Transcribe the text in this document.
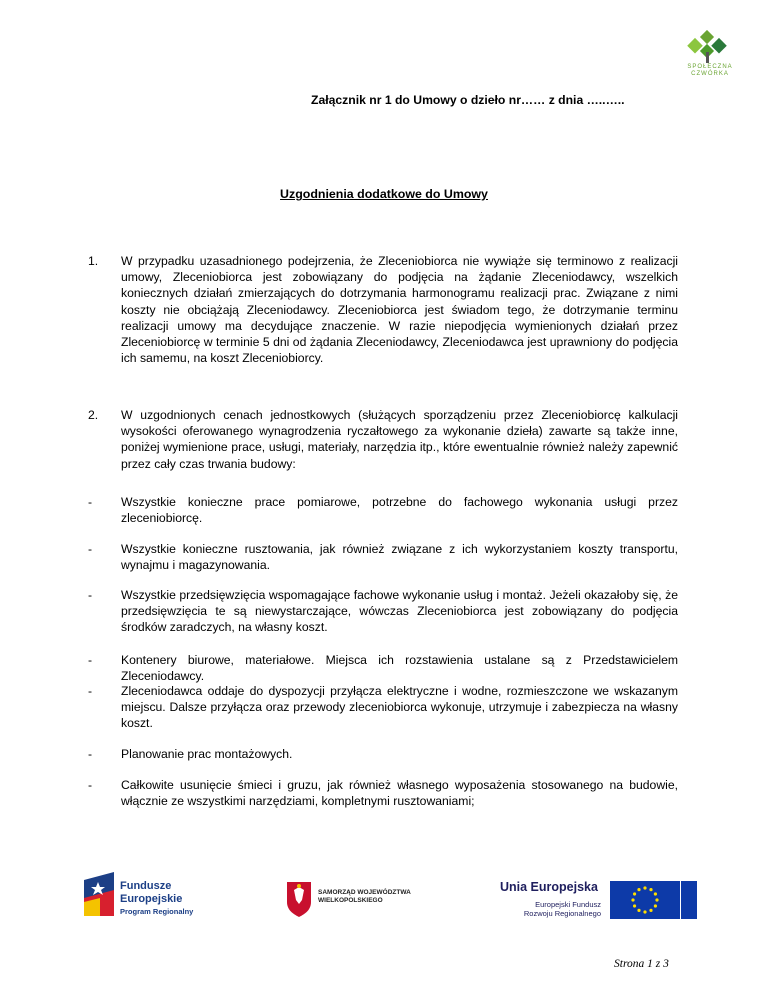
SPOŁECZNA
CZWÓRKA
Załącznik nr 1 do Umowy o dzieło nr…… z dnia …..…..
Uzgodnienia dodatkowe do Umowy
1. W przypadku uzasadnionego podejrzenia, że Zleceniobiorca nie wywiąże się terminowo z realizacji umowy, Zleceniobiorca jest zobowiązany do podjęcia na żądanie Zleceniodawcy, wszelkich koniecznych działań zmierzających do dotrzymania harmonogramu realizacji prac. Związane z nimi koszty nie obciążają Zleceniodawcy. Zleceniobiorca jest świadom tego, że dotrzymanie terminu realizacji umowy ma decydujące znaczenie. W razie niepodjęcia wymienionych działań przez Zleceniobiorcę w terminie 5 dni od żądania Zleceniodawcy, Zleceniodawca jest uprawniony do podjęcia ich samemu, na koszt Zleceniobiorcy.
2. W uzgodnionych cenach jednostkowych (służących sporządzeniu przez Zleceniobiorcę kalkulacji wysokości oferowanego wynagrodzenia ryczałtowego za wykonanie dzieła) zawarte są także inne, poniżej wymienione prace, usługi, materiały, narzędzia itp., które ewentualnie również należy zapewnić przez cały czas trwania budowy:
- Wszystkie konieczne prace pomiarowe, potrzebne do fachowego wykonania usługi przez zleceniobiorcę.
- Wszystkie konieczne rusztowania, jak również związane z ich wykorzystaniem koszty transportu, wynajmu i magazynowania.
- Wszystkie przedsięwzięcia wspomagające fachowe wykonanie usług i montaż. Jeżeli okazałoby się, że przedsięwzięcia te są niewystarczające, wówczas Zleceniobiorca jest zobowiązany do podjęcia środków zaradczych, na własny koszt.
- Kontenery biurowe, materiałowe. Miejsca ich rozstawienia ustalane są z Przedstawicielem Zleceniodawcy.
- Zleceniodawca oddaje do dyspozycji przyłącza elektryczne i wodne, rozmieszczone we wskazanym miejscu. Dalsze przyłącza oraz przewody zleceniobiorca wykonuje, utrzymuje i zabezpiecza na własny koszt.
- Planowanie prac montażowych.
- Całkowite usunięcie śmieci i gruzu, jak również własnego wyposażenia stosowanego na budowie, włącznie ze wszystkimi narzędziami, kompletnymi rusztowaniami;
Fundusze
Europejskie
Program Regionalny
SAMORZĄD WOJEWÓDZTWA
WIELKOPOLSKIEGO
Unia Europejska
Europejski Fundusz
Rozwoju Regionalnego
Strona 1 z 3
